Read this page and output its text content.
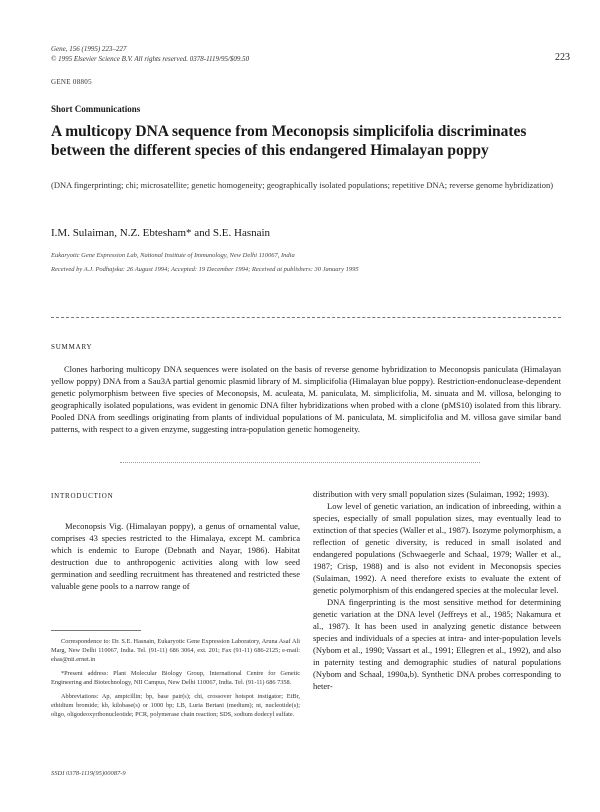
Gene, 156 (1995) 223–227
© 1995 Elsevier Science B.V. All rights reserved. 0378-1119/95/$09.50	223
GENE 08805
Short Communications
A multicopy DNA sequence from Meconopsis simplicifolia discriminates between the different species of this endangered Himalayan poppy
(DNA fingerprinting; chi; microsatellite; genetic homogeneity; geographically isolated populations; repetitive DNA; reverse genome hybridization)
I.M. Sulaiman, N.Z. Ebtesham* and S.E. Hasnain
Eukaryotic Gene Expression Lab, National Institute of Immunology, New Delhi 110067, India
Received by A.J. Podhajska: 26 August 1994; Accepted: 19 December 1994; Received at publishers: 30 January 1995
SUMMARY

Clones harboring multicopy DNA sequences were isolated on the basis of reverse genome hybridization to Meconopsis paniculata (Himalayan yellow poppy) DNA from a Sau3A partial genomic plasmid library of M. simplicifolia (Himalayan blue poppy). Restriction-endonuclease-dependent genetic polymorphism between five species of Meconopsis, M. aculeata, M. paniculata, M. simplicifolia, M. sinuata and M. villosa, belonging to geographically isolated populations, was evident in genomic DNA filter hybridizations when probed with a clone (pMS10) isolated from this library. Pooled DNA from seedlings originating from plants of individual populations of M. paniculata, M. simplicifolia and M. villosa gave similar band patterns, with respect to a given enzyme, suggesting intra-population genetic homogeneity.

INTRODUCTION

Meconopsis Vig. (Himalayan poppy), a genus of ornamental value, comprises 43 species restricted to the Himalaya, except M. cambrica which is endemic to Europe (Debnath and Nayar, 1986). Habitat destruction due to anthropogenic activities along with low seed germination and seedling recruitment has threatened and restricted these valuable gene pools to a narrow range of

Correspondence to: Dr. S.E. Hasnain, Eukaryotic Gene Expression Laboratory, Aruna Asaf Ali Marg, New Delhi 110067, India. Tel. (91-11) 686 3064, ext. 201; Fax (91-11) 686-2125; e-mail: ehas@nii.ernet.in

*Present address: Plant Molecular Biology Group, International Centre for Genetic Engineering and Biotechnology, NII Campus, New Delhi 110067, India. Tel. (91-11) 686 7358.

Abbreviations: Ap, ampicillin; bp, base pair(s); chi, crossover hotspot instigator; EtBr, ethidium bromide; kb, kilobase(s) or 1000 bp; LB, Luria Bertani (medium); nt, nucleotide(s); oligo, oligodeoxyribonucleotide; PCR, polymerase chain reaction; SDS, sodium dodecyl sulfate.

distribution with very small population sizes (Sulaiman, 1992; 1993).

Low level of genetic variation, an indication of inbreeding, within a species, especially of small population sizes, may eventually lead to extinction of that species (Waller et al., 1987). Isozyme polymorphism, a reflection of genetic diversity, is reduced in small isolated and endangered populations (Schwaegerle and Schaal, 1979; Waller et al., 1987; Crisp, 1988) and is also not evident in Meconopsis species (Sulaiman, 1992). A need therefore exists to evaluate the extent of genetic polymorphism of this endangered species at the molecular level.

DNA fingerprinting is the most sensitive method for determining genetic variation at the DNA level (Jeffreys et al., 1985; Nakamura et al., 1987). It has been used in analyzing genetic distance between species and individuals of a species at intra- and inter-population levels (Nybom et al., 1990; Vassart et al., 1991; Ellegren et al., 1992), and also in paternity testing and demographic studies of natural populations (Nybom and Schaal, 1990a,b). Synthetic DNA probes corresponding to heter-

SSDI 0378-1119(95)00087-9
